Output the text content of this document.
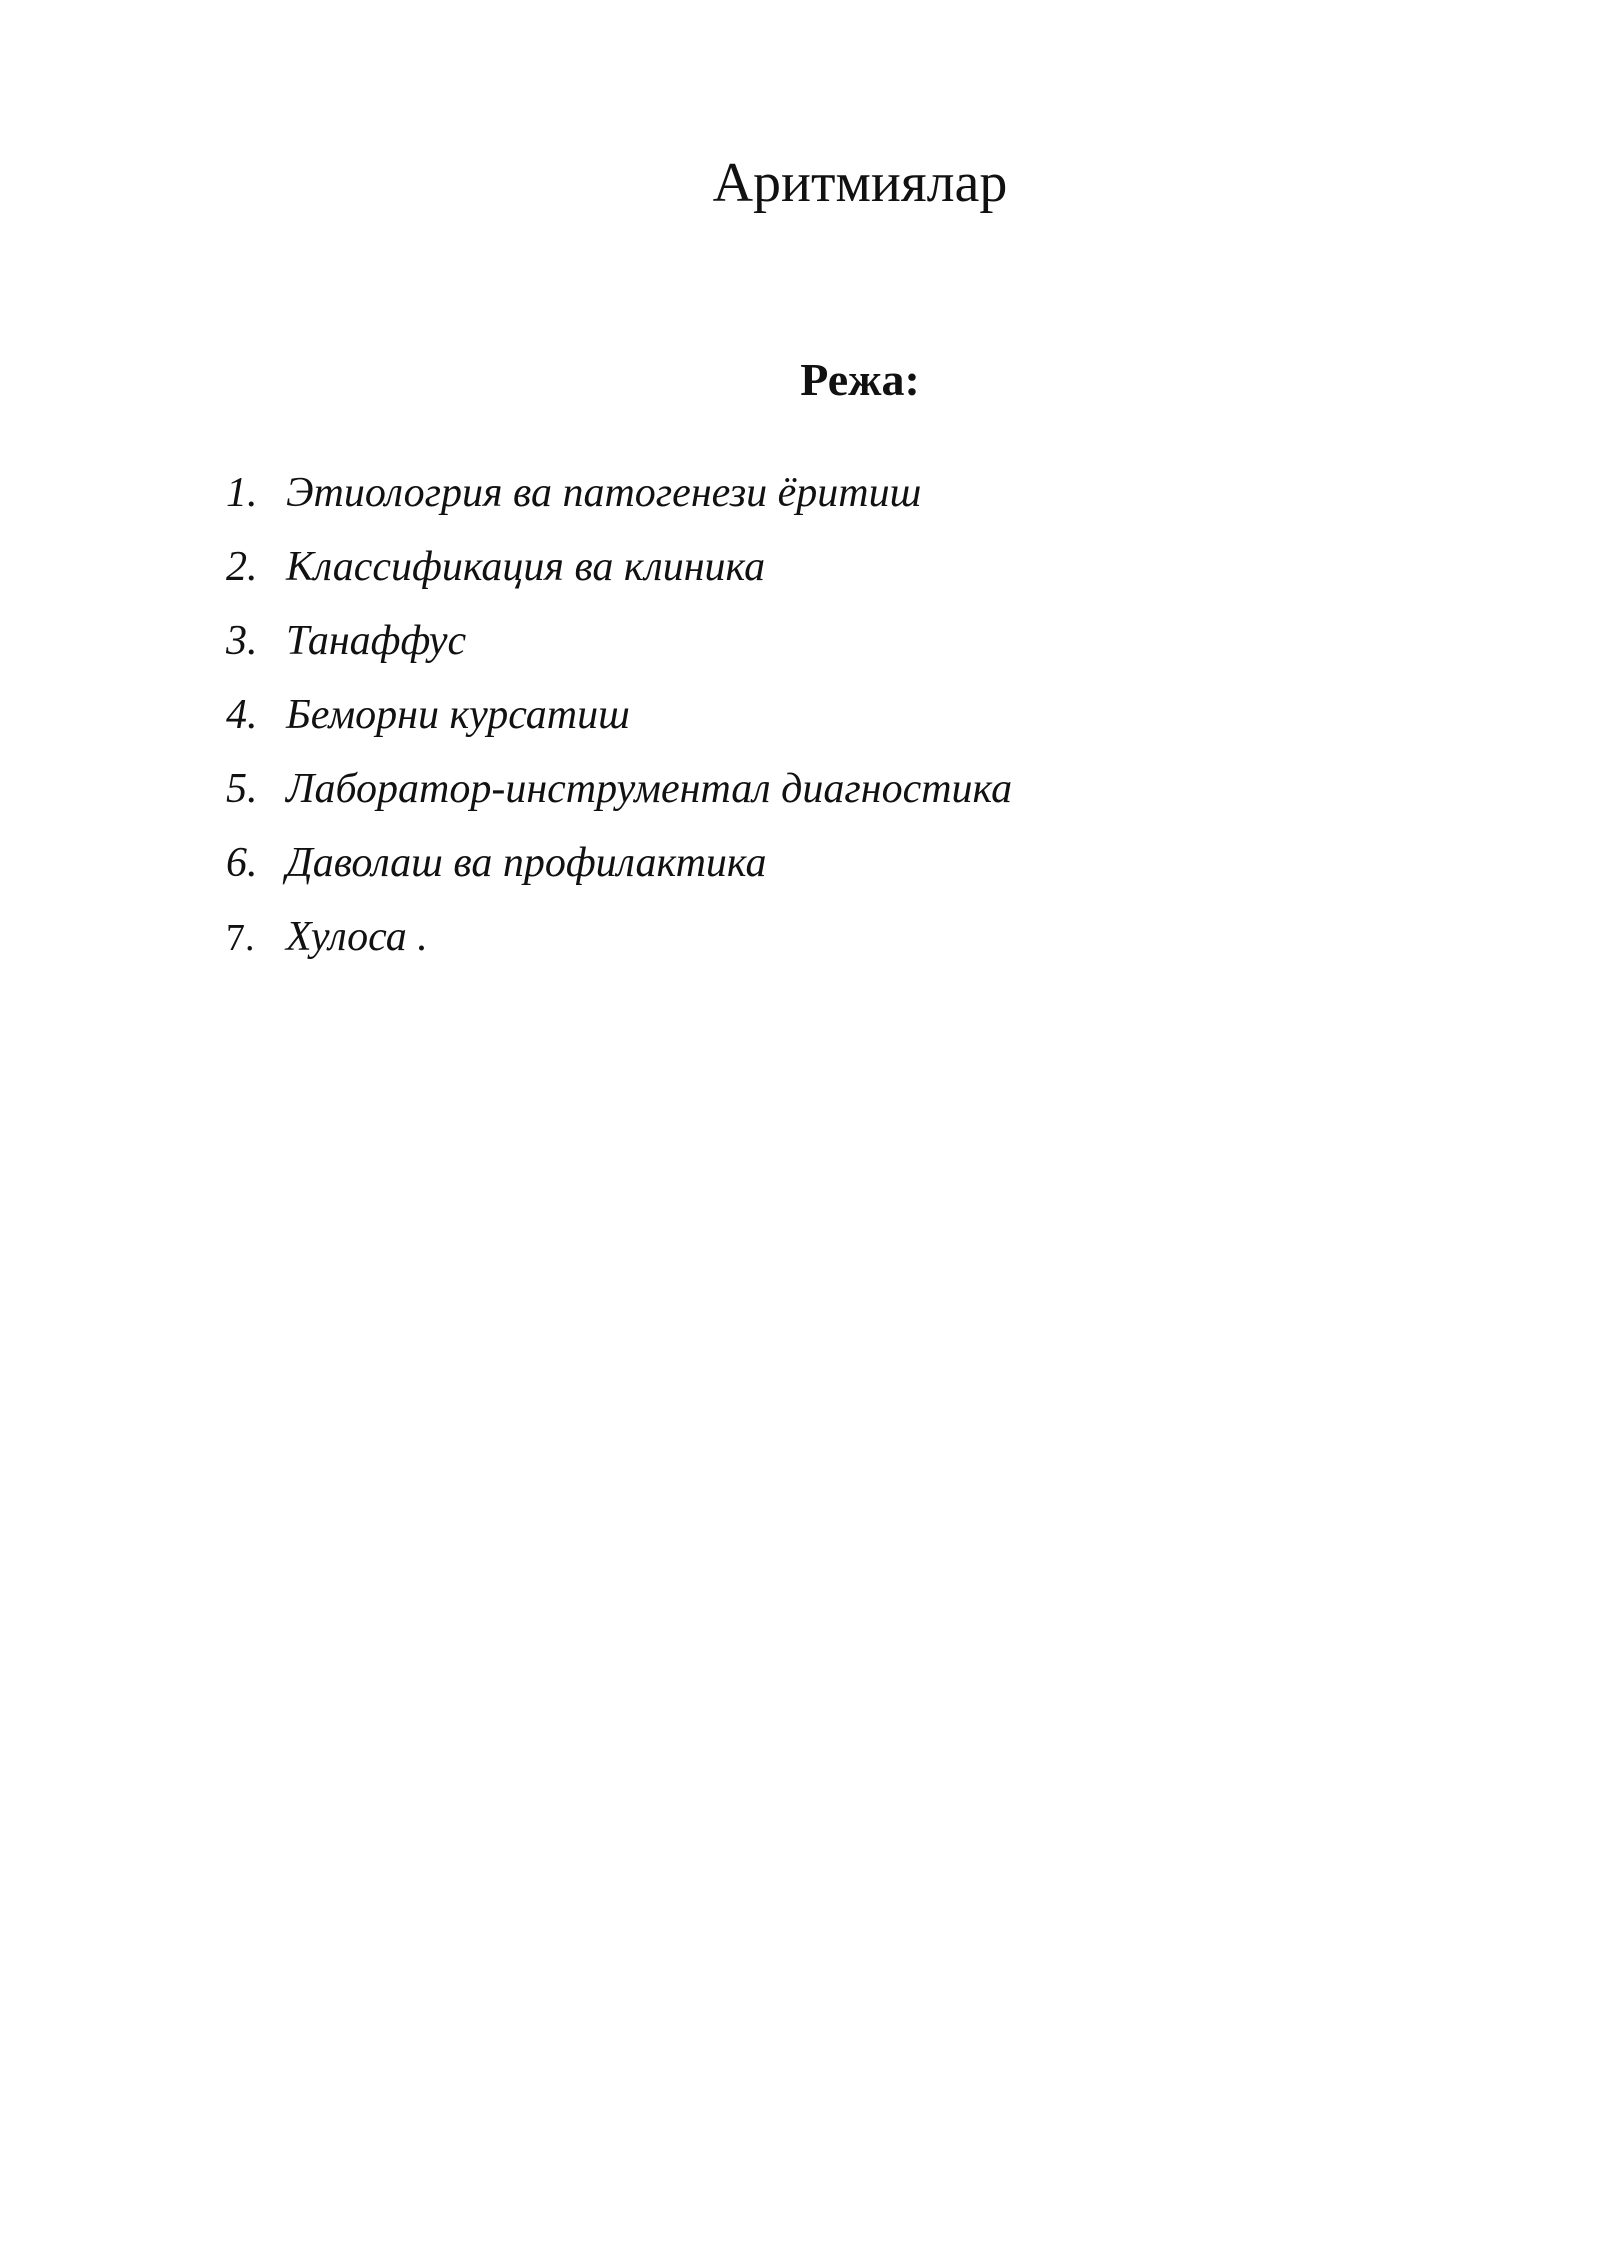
Аритмиялар
Режа:
1. Этиологрия ва патогенези ёритиш
2. Классификация ва клиника
3. Танаффус
4. Беморни курсатиш
5. Лаборатор-инструментал диагностика
6. Даволаш ва профилактика
7. Хулоса .
